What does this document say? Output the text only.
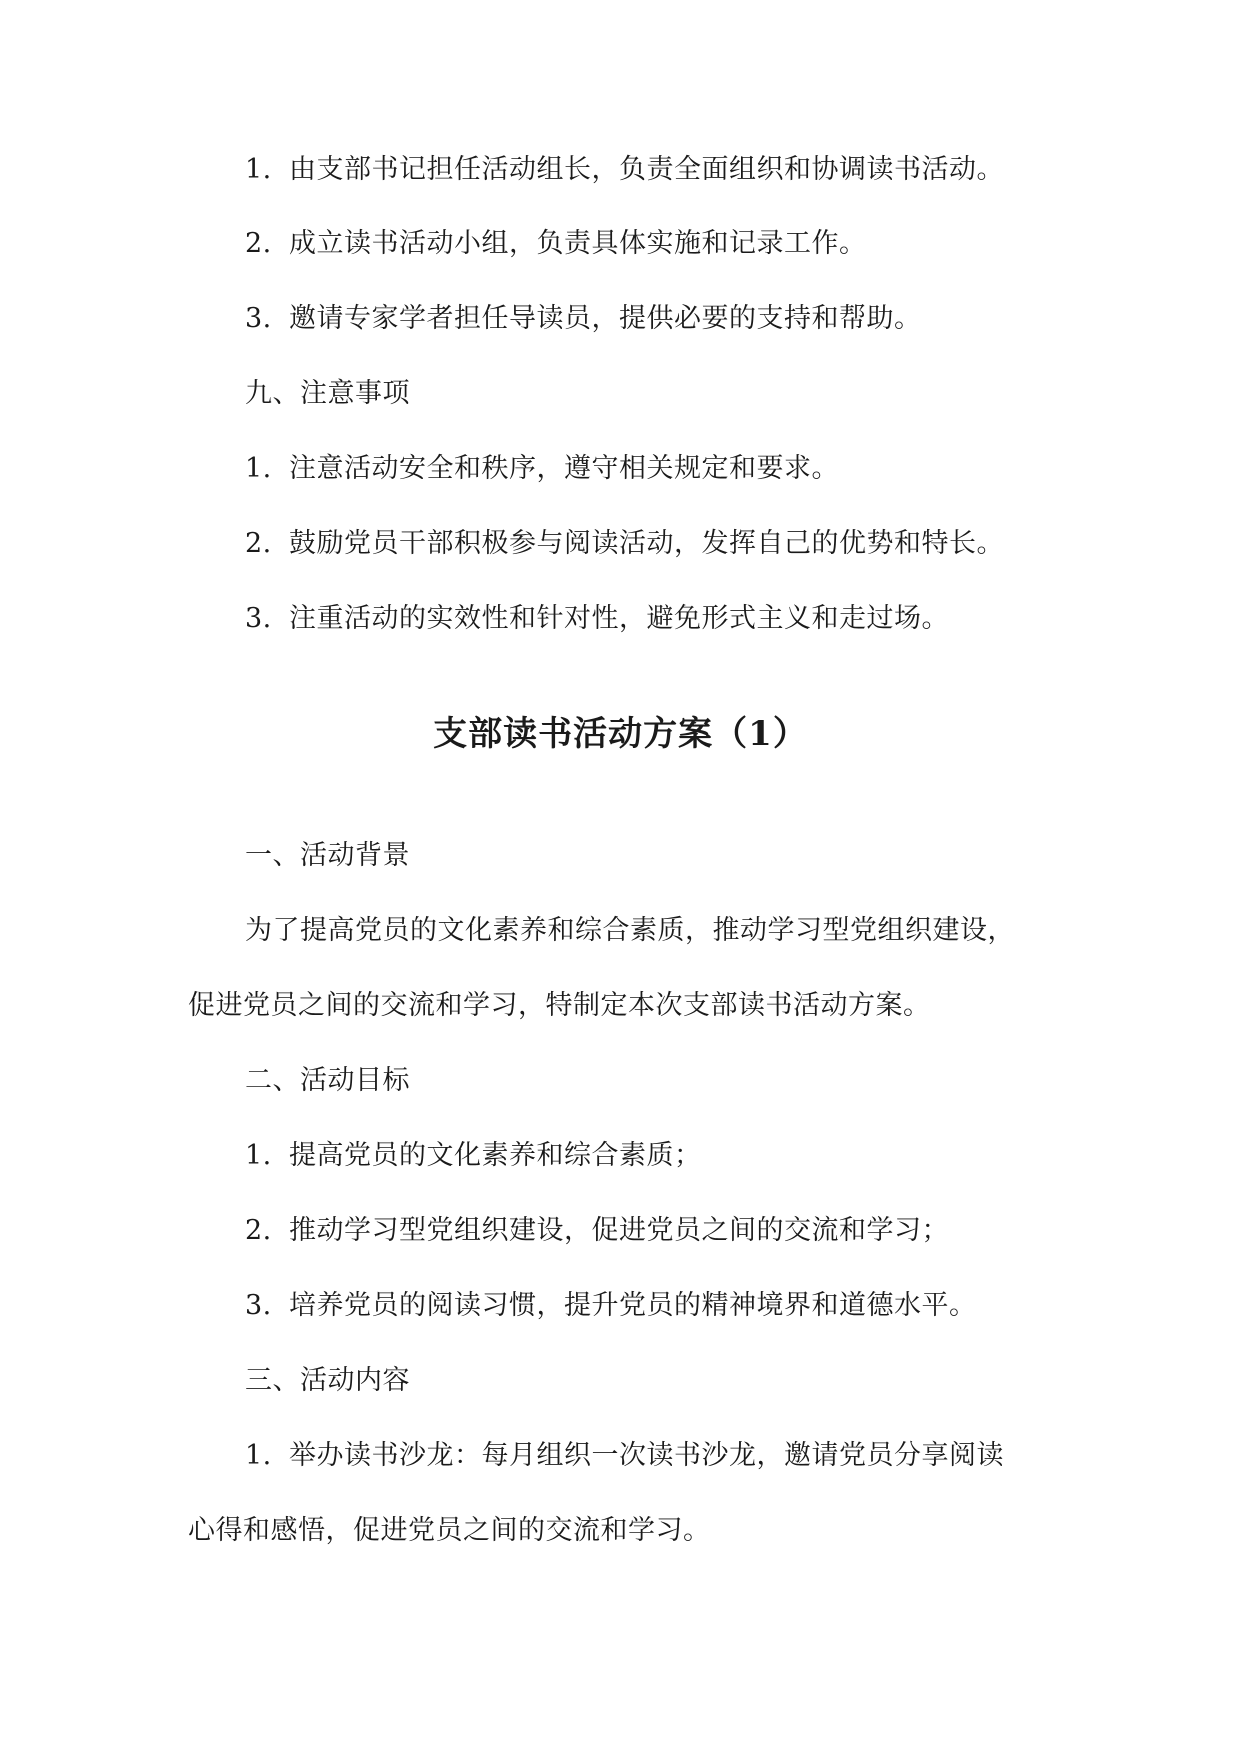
1. 由支部书记担任活动组长，负责全面组织和协调读书活动。
2. 成立读书活动小组，负责具体实施和记录工作。
3. 邀请专家学者担任导读员，提供必要的支持和帮助。
九、注意事项
1. 注意活动安全和秩序，遵守相关规定和要求。
2. 鼓励党员干部积极参与阅读活动，发挥自己的优势和特长。
3. 注重活动的实效性和针对性，避免形式主义和走过场。
支部读书活动方案（1）
一、活动背景
为了提高党员的文化素养和综合素质，推动学习型党组织建设，
促进党员之间的交流和学习，特制定本次支部读书活动方案。
二、活动目标
1. 提高党员的文化素养和综合素质；
2. 推动学习型党组织建设，促进党员之间的交流和学习；
3. 培养党员的阅读习惯，提升党员的精神境界和道德水平。
三、活动内容
1. 举办读书沙龙：每月组织一次读书沙龙，邀请党员分享阅读
心得和感悟，促进党员之间的交流和学习。
